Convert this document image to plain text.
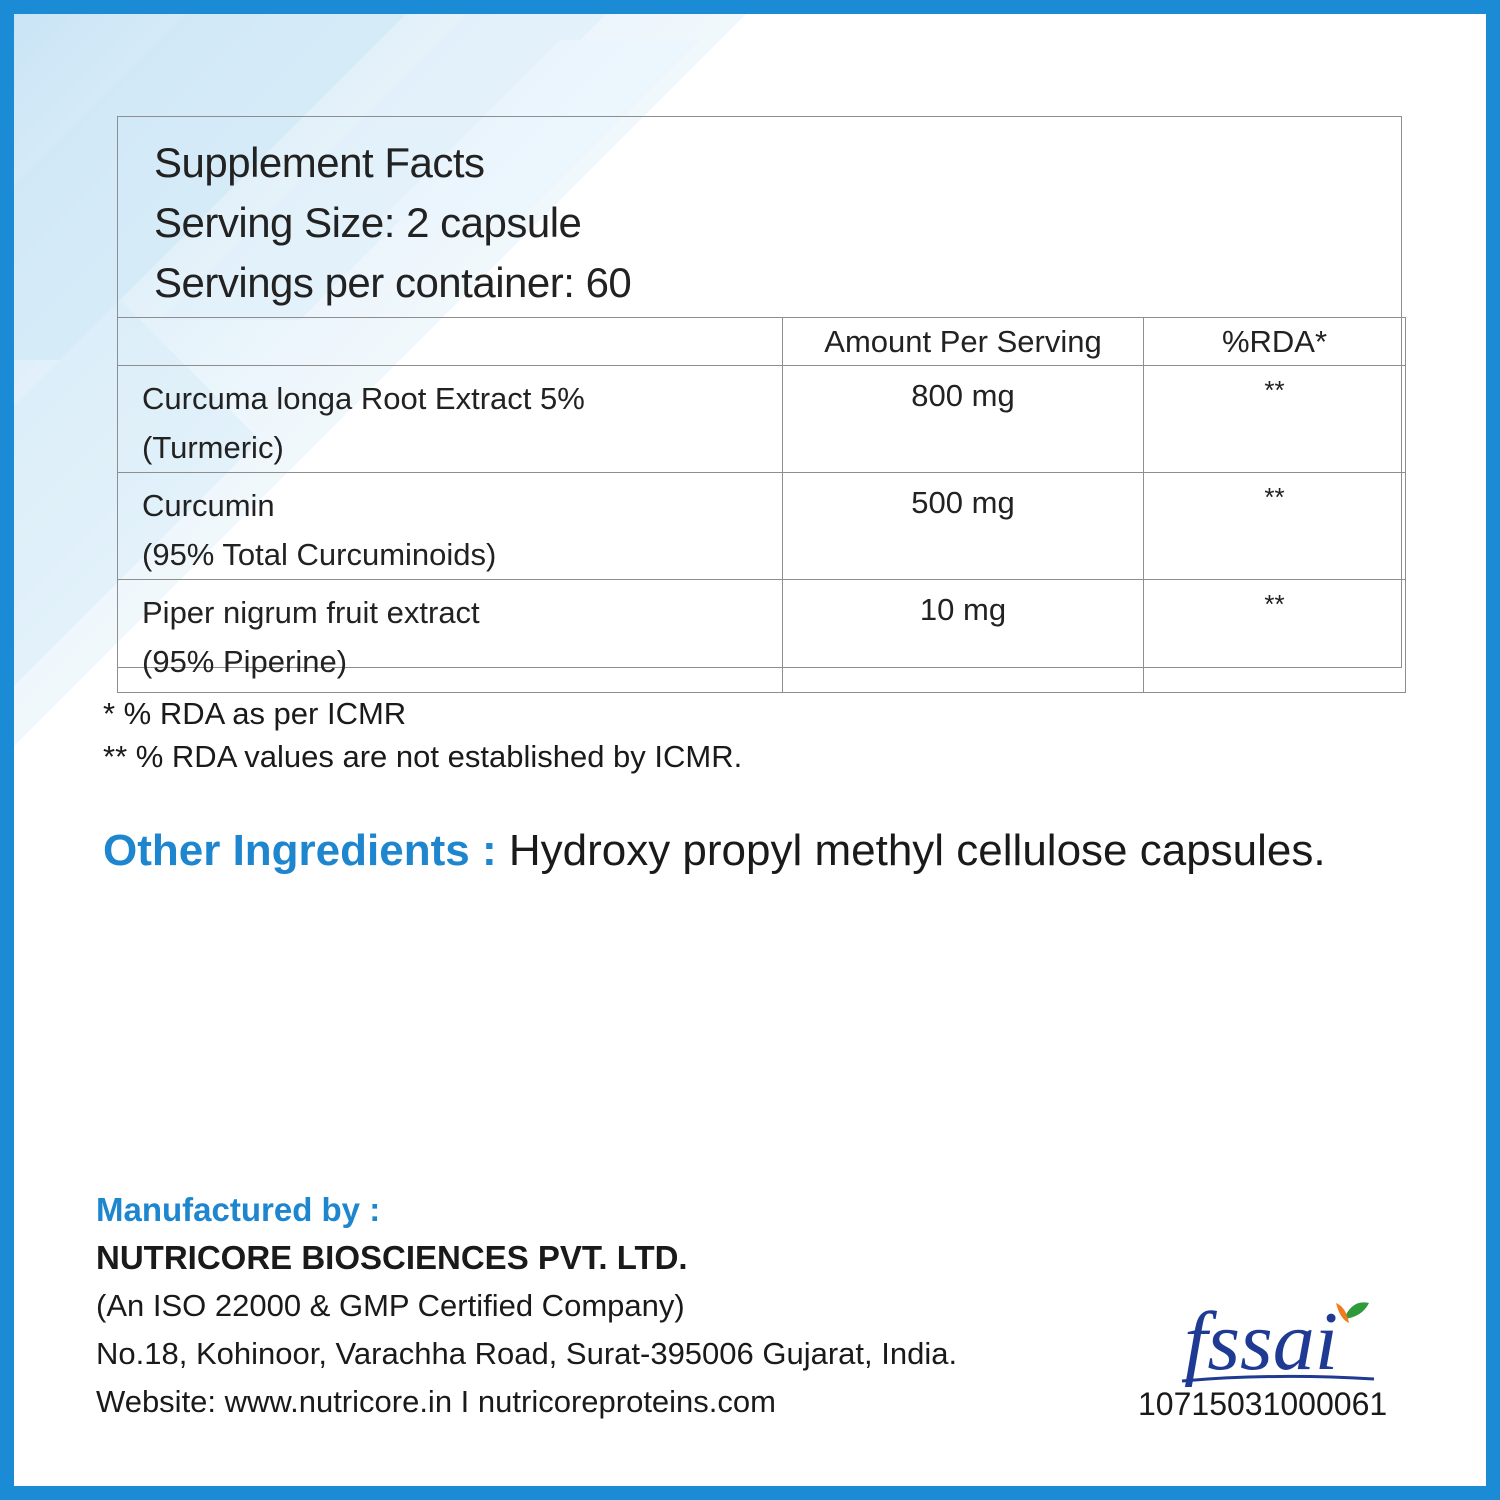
Supplement Facts
Serving Size: 2 capsule
Servings per container: 60
	Amount Per Serving	%RDA*

Curcuma longa Root Extract 5%
(Turmeric)	800 mg	**

Curcumin
(95% Total Curcuminoids)	500 mg	**

Piper nigrum fruit extract
(95% Piperine)	10 mg	**
* % RDA as per ICMR
** % RDA values are not established by ICMR.
Other Ingredients : Hydroxy propyl methyl cellulose capsules.
Manufactured by :
NUTRICORE BIOSCIENCES PVT. LTD.
(An ISO 22000 & GMP Certified Company)
No.18, Kohinoor, Varachha Road, Surat-395006 Gujarat, India.
Website: www.nutricore.in I nutricoreproteins.com
fssai
10715031000061
